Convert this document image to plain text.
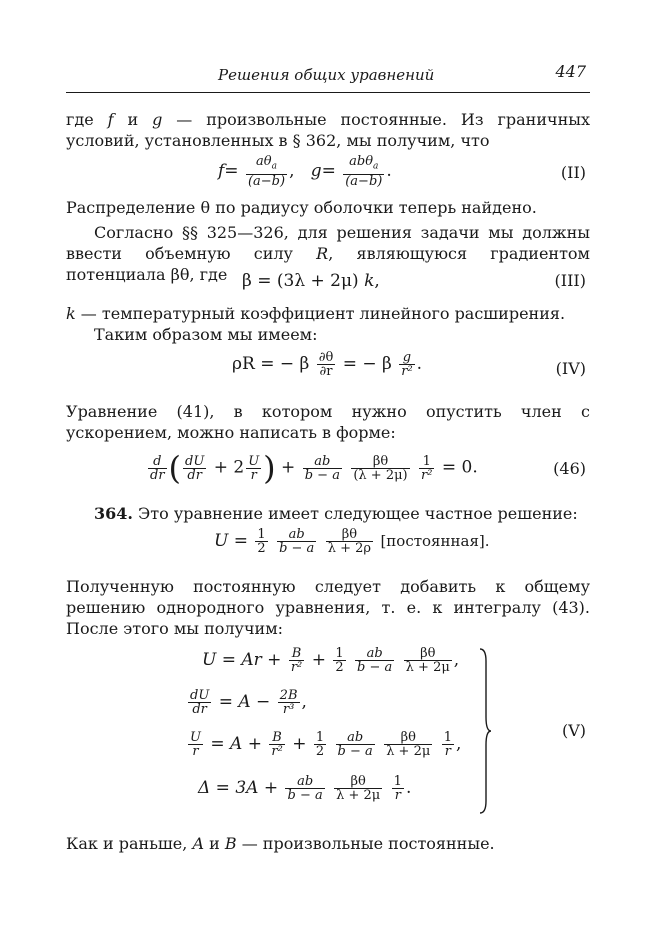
Решения общих уравнений	447

где f и g — произвольные постоянные. Из граничных условий, установленных в § 362, мы получим, что

$f= \frac{a\theta_a}{(a-b)}$ , $g= \frac{ab\theta_a}{(a-b)}$ .	(II)

Распределение θ по радиусу оболочки теперь найдено.

Согласно §§ 325—326, для решения задачи мы должны ввести объемную силу R, являющуюся градиентом потенциала βθ, где β = (3λ + 2μ) k,	(III)

k — температурный коэффициент линейного расширения.

Таким образом мы имеем:

ρR = − β $\frac{\partial\theta}{\partial r}$ = − β $\frac{g}{\text{r²}}$ .	(IV)

Уравнение (41), в котором нужно опустить член с ускорением, можно написать в форме:

$\frac{d}{dr}$ ( $\frac{dU}{dr} + 2 \frac{U}{r}$ ) + $\frac{ab}{b - a}$
$\frac{\beta\theta}{(\lambda + 2\mu)}$
$\frac{1}{\text{r²}} = 0$.	(46)

364. Это уравнение имеет следующее частное решение:

$U = \frac{1}{2}$
$\frac{ab}{b - a}$
$\frac{\beta\theta}{\lambda + 2\rho}$ [постоянная].

Полученную постоянную следует добавить к общему решению однородного уравнения, т. е. к интегралу (43). После этого мы получим:

$U = Ar + \frac{B}{\text{r²}} + \frac{1}{2}$
$\frac{ab}{b - a}$
$\frac{\beta\theta}{\lambda + 2\mu}$ ,
$\frac{dU}{dr} = A - \frac{2B}{\text{r³}}$ ,
$\frac{U}{r} = A + \frac{B}{\text{r²}} + \frac{1}{2}$
$\frac{ab}{b - a}$
$\frac{\beta\theta}{\lambda + 2\mu}$
$\frac{1}{r}$ ,
$\Delta = 3A + \frac{ab}{b - a}$
$\frac{\beta\theta}{\lambda + 2\mu}$
$\frac{1}{r}$ .
(V)

Как и раньше, A и B — произвольные постоянные.
